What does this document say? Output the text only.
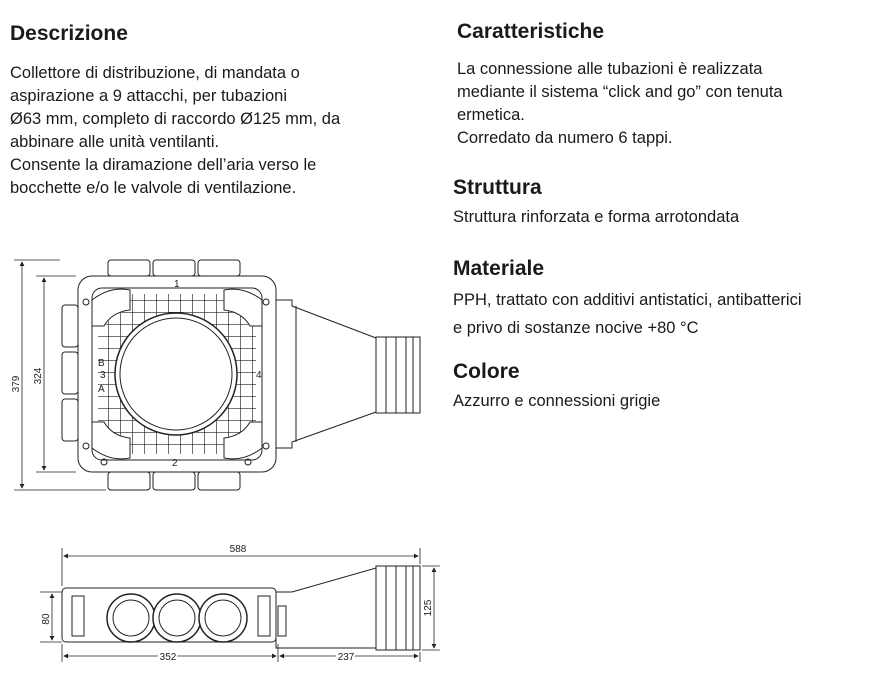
Descrizione

Collettore di distribuzione, di mandata o
aspirazione a 9 attacchi, per tubazioni
Ø63 mm, completo di raccordo Ø125 mm, da
abbinare alle unità ventilanti.
Consente la diramazione dell’aria verso le
bocchette e/o le valvole di ventilazione.

Caratteristiche

La connessione alle tubazioni è realizzata
mediante il sistema “click and go” con tenuta
ermetica.
Corredato da numero 6 tappi.

Struttura

Struttura rinforzata e forma arrotondata

Materiale

PPH, trattato con additivi antistatici, antibatterici
e privo di sostanze nocive +80 °C

Colore

Azzurro e connessioni grigie

1
2
3
A
B
4
379 324
588
352	237
80
125
